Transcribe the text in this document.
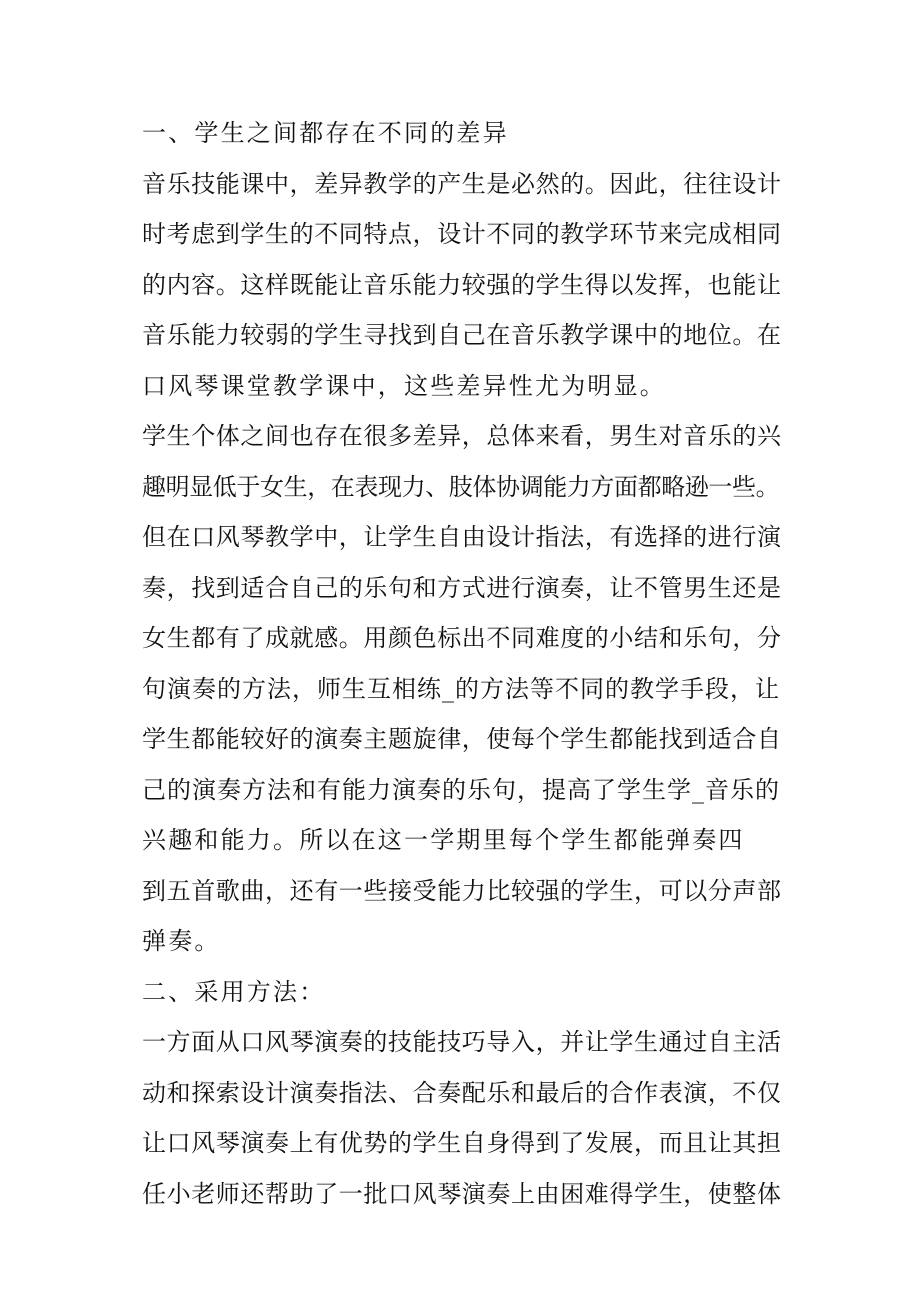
一、学生之间都存在不同的差异
音乐技能课中，差异教学的产生是必然的。因此，往往设计
时考虑到学生的不同特点，设计不同的教学环节来完成相同
的内容。这样既能让音乐能力较强的学生得以发挥，也能让
音乐能力较弱的学生寻找到自己在音乐教学课中的地位。在
口风琴课堂教学课中，这些差异性尤为明显。
学生个体之间也存在很多差异，总体来看，男生对音乐的兴
趣明显低于女生，在表现力、肢体协调能力方面都略逊一些。
但在口风琴教学中，让学生自由设计指法，有选择的进行演
奏，找到适合自己的乐句和方式进行演奏，让不管男生还是
女生都有了成就感。用颜色标出不同难度的小结和乐句，分
句演奏的方法，师生互相练_的方法等不同的教学手段，让
学生都能较好的演奏主题旋律，使每个学生都能找到适合自
己的演奏方法和有能力演奏的乐句，提高了学生学_音乐的
兴趣和能力。所以在这一学期里每个学生都能弹奏四
到五首歌曲，还有一些接受能力比较强的学生，可以分声部
弹奏。
二、采用方法：
一方面从口风琴演奏的技能技巧导入，并让学生通过自主活
动和探索设计演奏指法、合奏配乐和最后的合作表演，不仅
让口风琴演奏上有优势的学生自身得到了发展，而且让其担
任小老师还帮助了一批口风琴演奏上由困难得学生，使整体
